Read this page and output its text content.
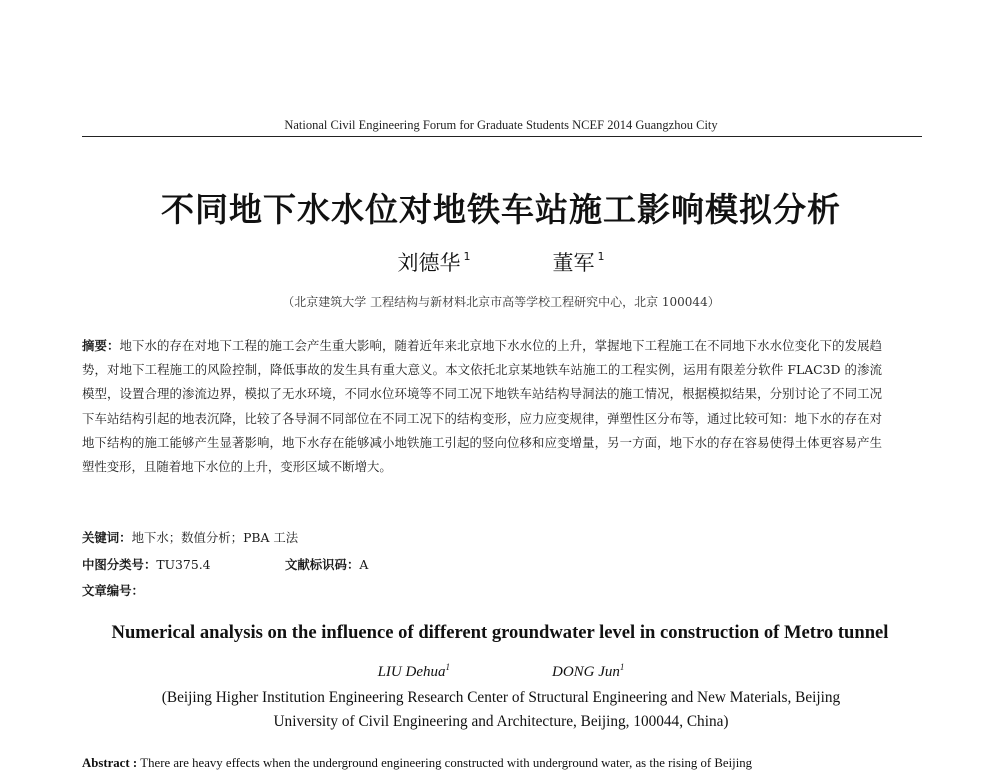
National Civil Engineering Forum for Graduate Students NCEF 2014 Guangzhou City
不同地下水水位对地铁车站施工影响模拟分析
刘德华 $^1$	董军 $^1$
（北京建筑大学 工程结构与新材料北京市高等学校工程研究中心，北京 100044）
摘要：地下水的存在对地下工程的施工会产生重大影响，随着近年来北京地下水水位的上升，掌握地下工程施工在不同地下水水位变化下的发展趋势，对地下工程施工的风险控制，降低事故的发生具有重大意义。本文依托北京某地铁车站施工的工程实例，运用有限差分软件 FLAC3D 的渗流模型，设置合理的渗流边界，模拟了无水环境，不同水位环境等不同工况下地铁车站结构导洞法的施工情况，根据模拟结果，分别讨论了不同工况下车站结构引起的地表沉降，比较了各导洞不同部位在不同工况下的结构变形，应力应变规律，弹塑性区分布等，通过比较可知：地下水的存在对地下结构的施工能够产生显著影响，地下水存在能够减小地铁施工引起的竖向位移和应变增量，另一方面，地下水的存在容易使得土体更容易产生塑性变形，且随着地下水位的上升，变形区域不断增大。
关键词：地下水；数值分析；PBA 工法
中图分类号：TU375.4	文献标识码：A
文章编号：
Numerical analysis on the influence of different groundwater level in construction of Metro tunnel
LIU Dehua$^1$	DONG Jun$^1$
(Beijing Higher Institution Engineering Research Center of Structural Engineering and New Materials, Beijing
University of Civil Engineering and Architecture, Beijing, 100044, China)
Abstract : There are heavy effects when the underground engineering constructed with underground water, as the rising of Beijing
